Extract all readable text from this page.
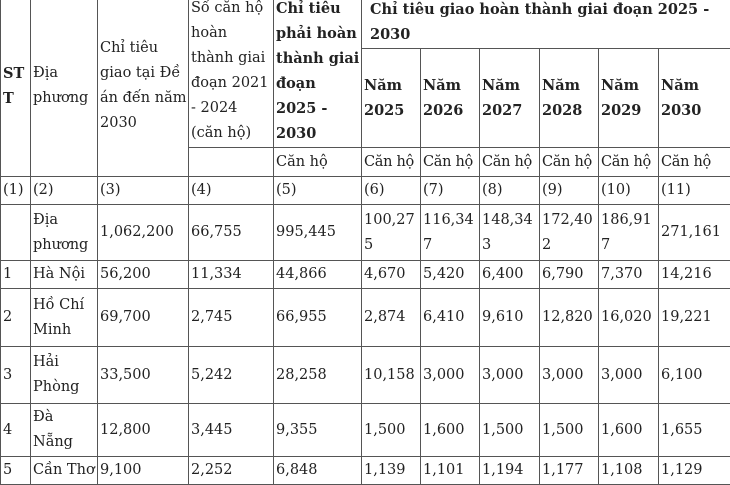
STT	Địa phương	Chỉ tiêu giao tại Đề án đến năm 2030	Số căn hộ hoàn thành giai đoạn 2021 - 2024 (căn hộ)	Chỉ tiêu phải hoàn thành giai đoạn 2025 - 2030	Chỉ tiêu giao hoàn thành giai đoạn 2025 - 2030					
					Năm 2025	Năm 2026	Năm 2027	Năm 2028	Năm 2029	Năm 2030
				Căn hộ	Căn hộ	Căn hộ	Căn hộ	Căn hộ	Căn hộ	Căn hộ
(1)	(2)	(3)	(4)	(5)	(6)	(7)	(8)	(9)	(10)	(11)
	Địa phương	1,062,200	66,755	995,445	100,275	116,347	148,343	172,402	186,917	271,161
1	Hà Nội	56,200	11,334	44,866	4,670	5,420	6,400	6,790	7,370	14,216
2	Hồ Chí Minh	69,700	2,745	66,955	2,874	6,410	9,610	12,820	16,020	19,221
3	Hải Phòng	33,500	5,242	28,258	10,158	3,000	3,000	3,000	3,000	6,100
4	Đà Nẵng	12,800	3,445	9,355	1,500	1,600	1,500	1,500	1,600	1,655
5	Cần Thơ	9,100	2,252	6,848	1,139	1,101	1,194	1,177	1,108	1,129
